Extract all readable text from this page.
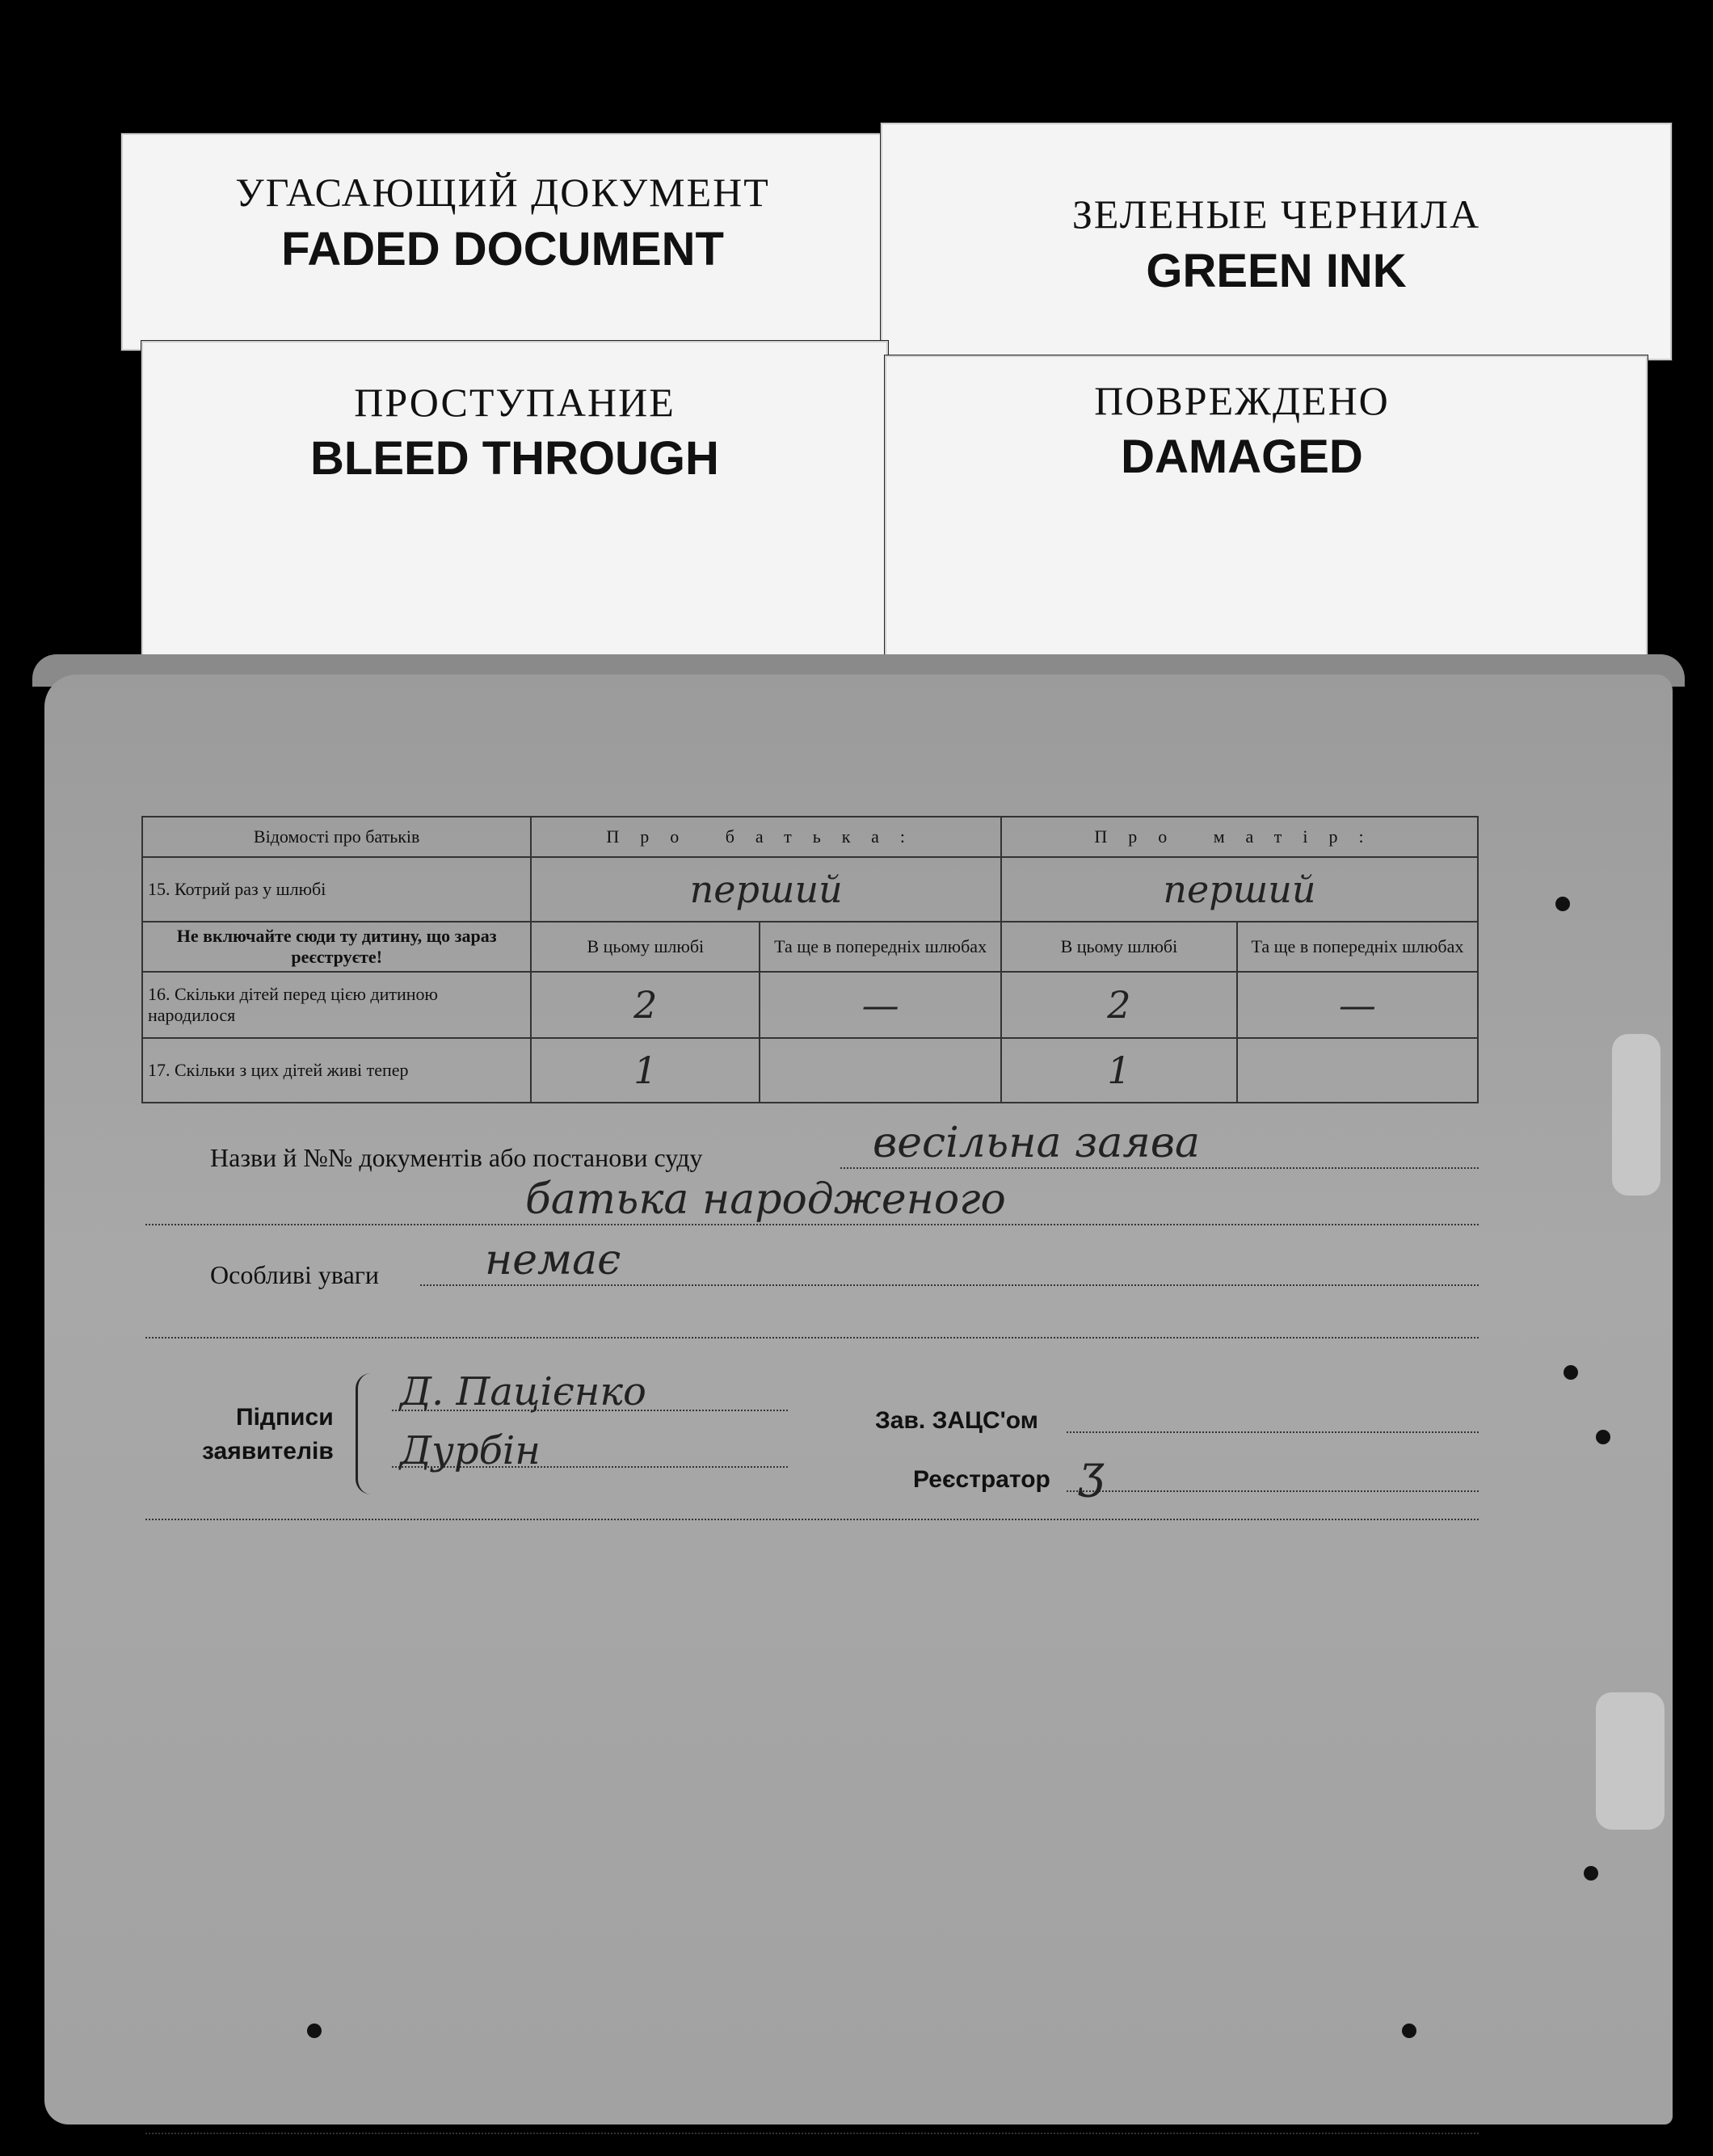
УГАСАЮЩИЙ ДОКУМЕНТ
FADED DOCUMENT
ЗЕЛЕНЫЕ ЧЕРНИЛА
GREEN INK
ПРОСТУПАНИЕ
BLEED THROUGH
ПОВРЕЖДЕНО
DAMAGED
Відомості про батьків	Про батька:		Про матір:	
15. Котрий раз у шлюбі	перший		перший	
Не включайте сюди ту дитину, що зараз реєструєте!	В цьому шлюбі	Та ще в попередніх шлюбах	В цьому шлюбі	Та ще в попередніх шлюбах
16. Скільки дітей перед цією дитиною народилося	2	—	2	—
17. Скільки з цих дітей живі тепер	1		1	
Назви й №№ документів або постанови суду	весільна заява
батька народженого
Особливі уваги	немає
Підписи
заявителів
Д. Пацієнко
Дурбін
Зав. ЗАЦС'ом
Реєстратор ʒ
